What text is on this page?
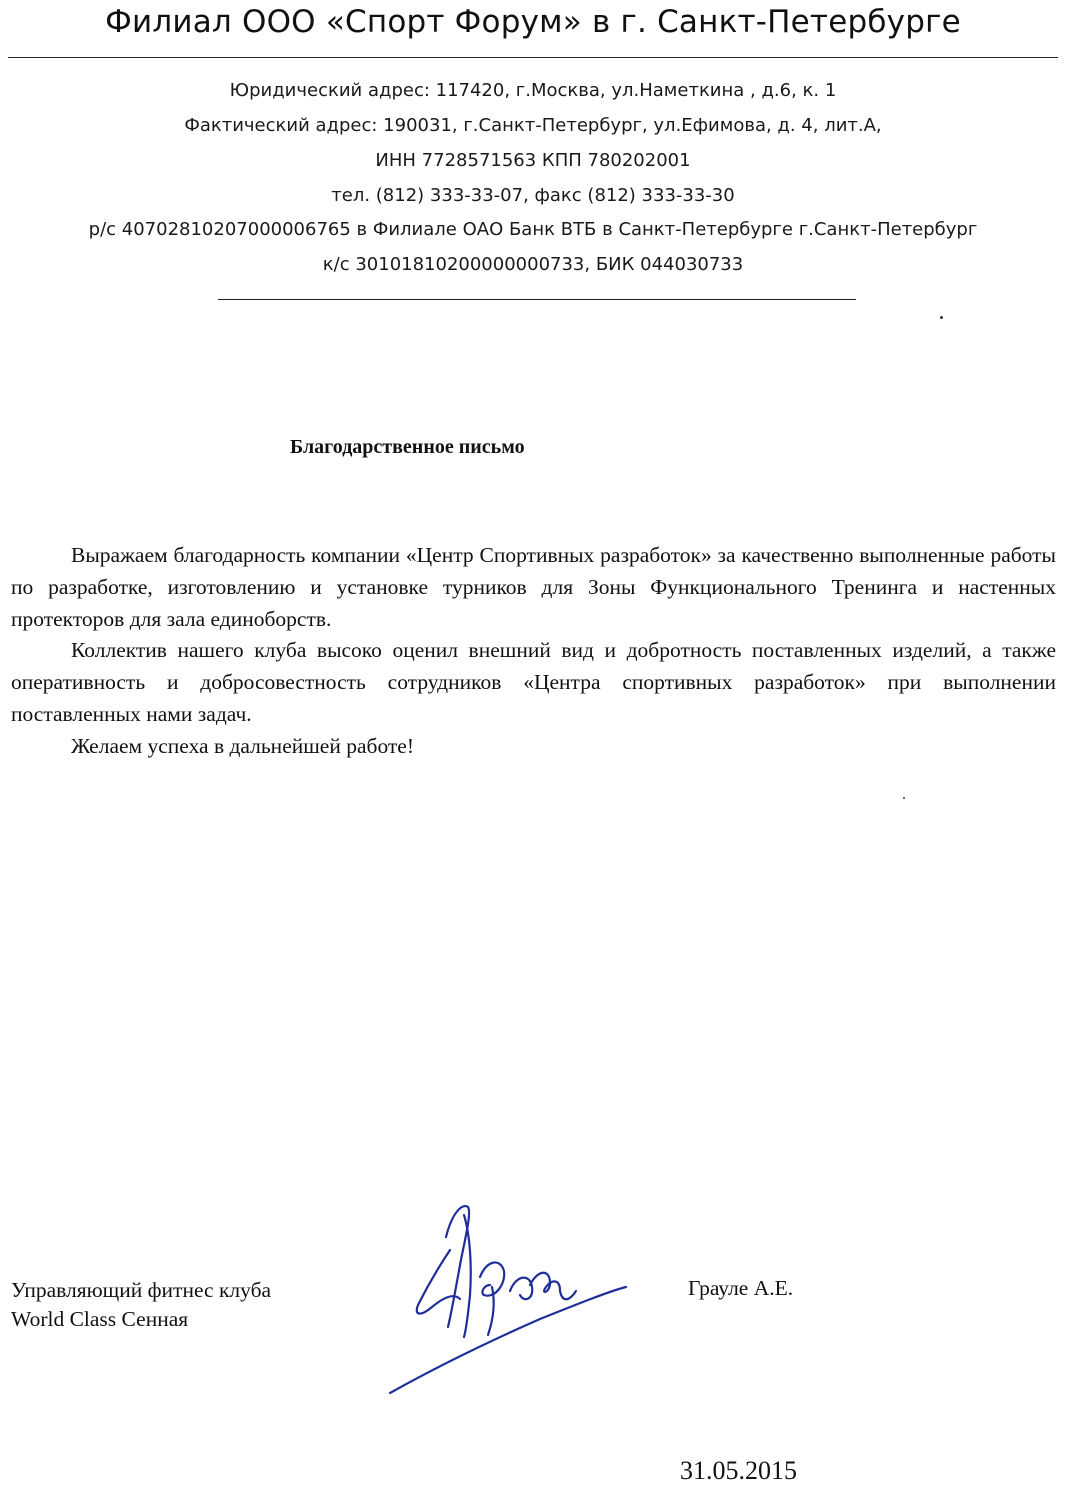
Филиал ООО «Спорт Форум» в г. Санкт-Петербурге
Юридический адрес: 117420, г.Москва, ул.Наметкина , д.6, к. 1
Фактический адрес: 190031, г.Санкт-Петербург, ул.Ефимова, д. 4, лит.А,
ИНН 7728571563 КПП 780202001
тел. (812) 333-33-07, факс (812) 333-33-30
р/с 40702810207000006765 в Филиале ОАО Банк ВТБ в Санкт-Петербурге г.Санкт-Петербург
к/с 30101810200000000733, БИК 044030733
Благодарственное письмо

Выражаем благодарность компании «Центр Спортивных разработок» за качественно выполненные работы по разработке, изготовлению и установке турников для Зоны Функционального Тренинга и настенных протекторов для зала единоборств.

Коллектив нашего клуба высоко оценил внешний вид и добротность поставленных изделий, а также оперативность и добросовестность сотрудников «Центра спортивных разработок» при выполнении поставленных нами задач.

Желаем успеха в дальнейшей работе!

Управляющий фитнес клуба
World Class Сенная
Грауле А.Е.
31.05.2015
